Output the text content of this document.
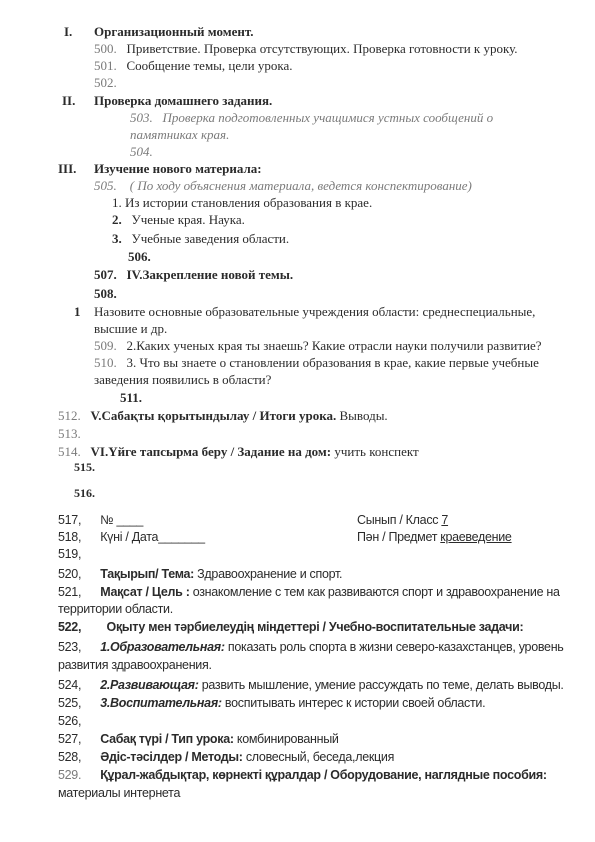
I. Организационный момент.
500. Приветствие. Проверка отсутствующих. Проверка готовности к уроку.
501. Сообщение темы, цели урока.
502.
II. Проверка домашнего задания.
503. Проверка подготовленных учащимися устных сообщений о
памятниках края.
504.
III. Изучение нового материала:
505. ( По ходу объяснения материала, ведется конспектирование)
1. Из истории становления образования в крае.
2. Ученые края. Наука.
3. Учебные заведения области.
506.
507. IV.Закрепление новой темы.
508.
1 Назовите основные образовательные учреждения области: среднеспециальные,
высшие и др.
509. 2.Каких ученых края ты знаешь? Какие отрасли науки получили развитие?
510. 3. Что вы знаете о становлении образования в крае, какие первые учебные
заведения появились в области?
511.
512. V.Сабақты қорытындылау / Итоги урока. Выводы.
513.
514. VI.Үйге тапсырма беру / Задание на дом: учить конспект
515.
516.
517, № ____	Сынып / Класс 7
518, Күні / Дата_______	Пән / Предмет краеведение
519,
520, Тақырып/ Тема: Здравоохранение и спорт.
521, Мақсат / Цель : ознакомление с тем как развиваются спорт и здравоохранение на
территории области.
522, Оқыту мен тәрбиелеудің міндеттері / Учебно-воспитательные задачи:
523, 1.Образовательная: показать роль спорта в жизни северо-казахстанцев, уровень
развития здравоохранения.
524, 2.Развивающая: развить мышление, умение рассуждать по теме, делать выводы.
525, 3.Воспитательная: воспитывать интерес к истории своей области.
526,
527, Сабақ түрі / Тип урока: комбинированный
528, Әдіс-тәсілдер / Методы: словесный, беседа,лекция
529. Құрал-жабдықтар, көрнекті құралдар / Оборудование, наглядные пособия:
материалы интернета
